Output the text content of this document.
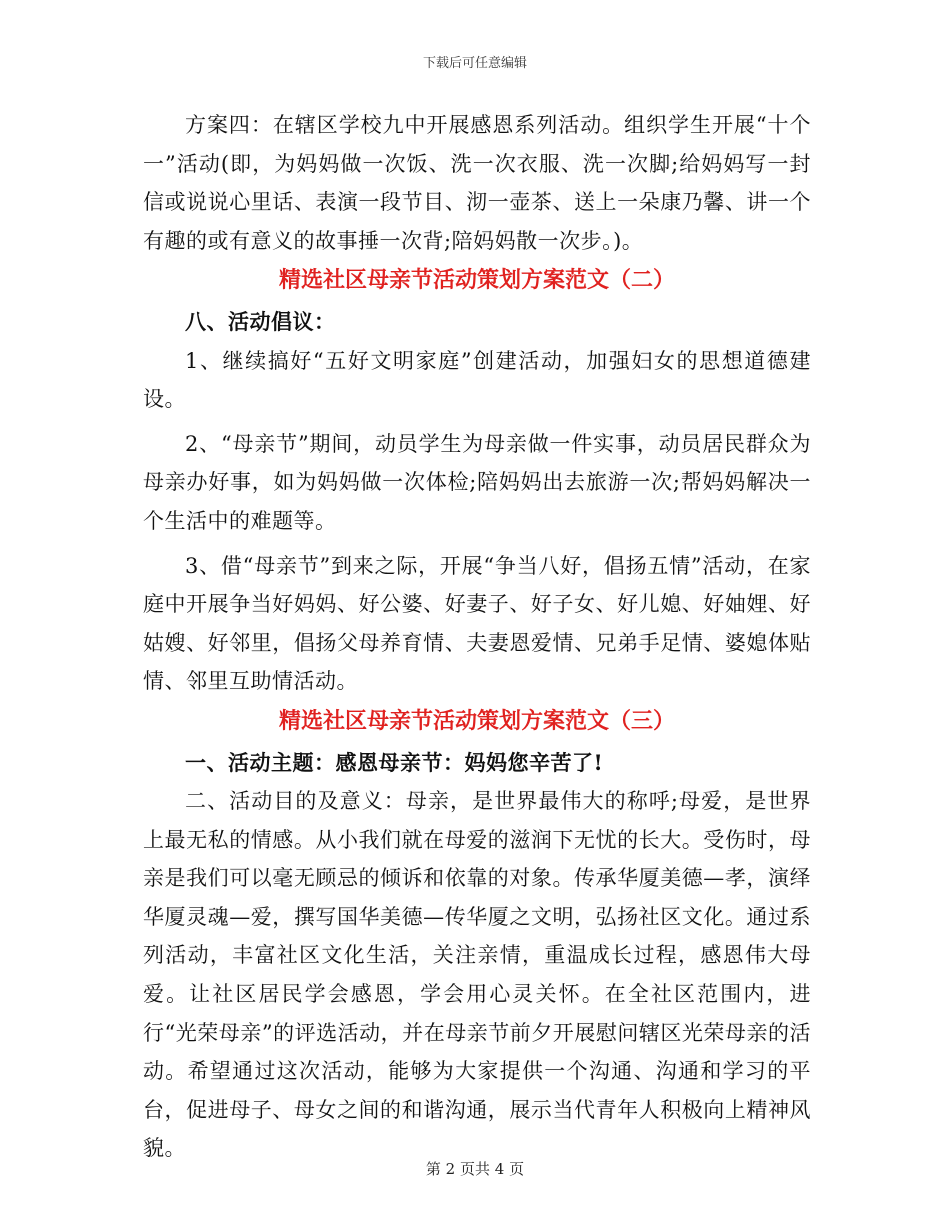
下载后可任意编辑

方案四：在辖区学校九中开展感恩系列活动。组织学生开展“十个一”活动(即，为妈妈做一次饭、洗一次衣服、洗一次脚;给妈妈写一封信或说说心里话、表演一段节目、沏一壶茶、送上一朵康乃馨、讲一个有趣的或有意义的故事捶一次背;陪妈妈散一次步。)。

精选社区母亲节活动策划方案范文（二）

八、活动倡议：

1、继续搞好“五好文明家庭”创建活动，加强妇女的思想道德建设。

2、“母亲节”期间，动员学生为母亲做一件实事，动员居民群众为母亲办好事，如为妈妈做一次体检;陪妈妈出去旅游一次;帮妈妈解决一个生活中的难题等。

3、借“母亲节”到来之际，开展“争当八好，倡扬五情”活动，在家庭中开展争当好妈妈、好公婆、好妻子、好子女、好儿媳、好妯娌、好姑嫂、好邻里，倡扬父母养育情、夫妻恩爱情、兄弟手足情、婆媳体贴情、邻里互助情活动。

精选社区母亲节活动策划方案范文（三）

一、活动主题：感恩母亲节：妈妈您辛苦了!

二、活动目的及意义：母亲，是世界最伟大的称呼;母爱，是世界上最无私的情感。从小我们就在母爱的滋润下无忧的长大。受伤时，母亲是我们可以毫无顾忌的倾诉和依靠的对象。传承华厦美德—孝，演绎华厦灵魂—爱，撰写国华美德—传华厦之文明，弘扬社区文化。通过系列活动，丰富社区文化生活，关注亲情，重温成长过程，感恩伟大母爱。让社区居民学会感恩，学会用心灵关怀。在全社区范围内，进行“光荣母亲”的评选活动，并在母亲节前夕开展慰问辖区光荣母亲的活动。希望通过这次活动，能够为大家提供一个沟通、沟通和学习的平台，促进母子、母女之间的和谐沟通，展示当代青年人积极向上精神风貌。

第 2 页共 4 页
